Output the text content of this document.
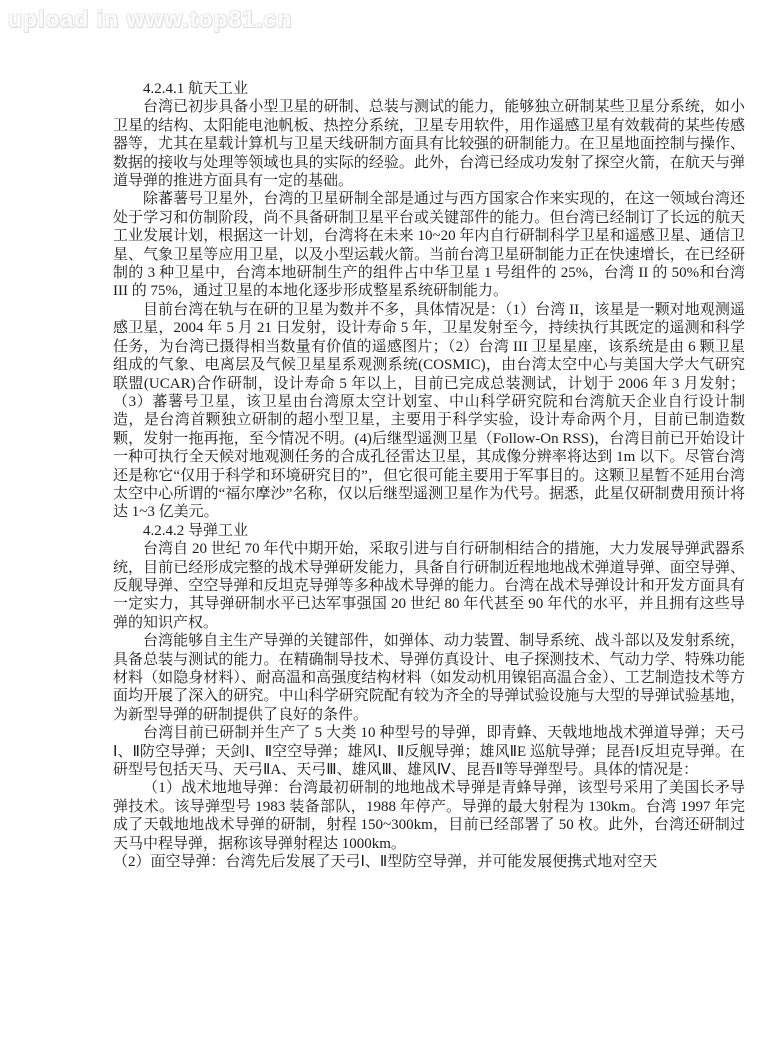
upload in www.top81.cn

4.2.4.1 航天工业

台湾已初步具备小型卫星的研制、总装与测试的能力，能够独立研制某些卫星分系统，如小卫星的结构、太阳能电池帆板、热控分系统，卫星专用软件，用作遥感卫星有效载荷的某些传感器等，尤其在星载计算机与卫星天线研制方面具有比较强的研制能力。在卫星地面控制与操作、数据的接收与处理等领域也具的实际的经验。此外，台湾已经成功发射了探空火箭，在航天与弹道导弹的推进方面具有一定的基础。

除蕃薯号卫星外，台湾的卫星研制全部是通过与西方国家合作来实现的，在这一领域台湾还处于学习和仿制阶段，尚不具备研制卫星平台或关键部件的能力。但台湾已经制订了长远的航天工业发展计划，根据这一计划，台湾将在未来 10~20 年内自行研制科学卫星和遥感卫星、通信卫星、气象卫星等应用卫星，以及小型运载火箭。当前台湾卫星研制能力正在快速增长，在已经研制的 3 种卫星中，台湾本地研制生产的组件占中华卫星 1 号组件的 25%，台湾 II 的 50%和台湾 III 的 75%，通过卫星的本地化逐步形成整星系统研制能力。

目前台湾在轨与在研的卫星为数并不多，具体情况是：（1）台湾 II，该星是一颗对地观测遥感卫星，2004 年 5 月 21 日发射，设计寿命 5 年，卫星发射至今，持续执行其既定的遥测和科学任务，为台湾已摄得相当数量有价值的遥感图片；（2）台湾 III 卫星星座，该系统是由 6 颗卫星组成的气象、电离层及气候卫星星系观测系统(COSMIC)，由台湾太空中心与美国大学大气研究联盟(UCAR)合作研制，设计寿命 5 年以上，目前已完成总装测试，计划于 2006 年 3 月发射；（3）蕃薯号卫星，该卫星由台湾原太空计划室、中山科学研究院和台湾航天企业自行设计制造，是台湾首颗独立研制的超小型卫星，主要用于科学实验，设计寿命两个月，目前已制造数颗，发射一拖再拖，至今情况不明。(4)后继型遥测卫星（Follow-On RSS)，台湾目前已开始设计一种可执行全天候对地观测任务的合成孔径雷达卫星，其成像分辨率将达到 1m 以下。尽管台湾还是称它“仅用于科学和环境研究目的”，但它很可能主要用于军事目的。这颗卫星暂不延用台湾太空中心所谓的“福尔摩沙”名称，仅以后继型遥测卫星作为代号。据悉，此星仅研制费用预计将达 1~3 亿美元。

4.2.4.2 导弹工业

台湾自 20 世纪 70 年代中期开始，采取引进与自行研制相结合的措施，大力发展导弹武器系统，目前已经形成完整的战术导弹研发能力，具备自行研制近程地地战术弹道导弹、面空导弹、反舰导弹、空空导弹和反坦克导弹等多种战术导弹的能力。台湾在战术导弹设计和开发方面具有一定实力，其导弹研制水平已达军事强国 20 世纪 80 年代甚至 90 年代的水平，并且拥有这些导弹的知识产权。

台湾能够自主生产导弹的关键部件，如弹体、动力装置、制导系统、战斗部以及发射系统，具备总装与测试的能力。在精确制导技术、导弹仿真设计、电子探测技术、气动力学、特殊功能材料（如隐身材料）、耐高温和高强度结构材料（如发动机用镍铝高温合金）、工艺制造技术等方面均开展了深入的研究。中山科学研究院配有较为齐全的导弹试验设施与大型的导弹试验基地，为新型导弹的研制提供了良好的条件。

台湾目前已研制并生产了 5 大类 10 种型号的导弹，即青蜂、天戟地地战术弹道导弹；天弓Ⅰ、Ⅱ防空导弹；天剑Ⅰ、Ⅱ空空导弹；雄风Ⅰ、Ⅱ反舰导弹；雄风ⅡE 巡航导弹；昆吾Ⅰ反坦克导弹。在研型号包括天马、天弓ⅡA、天弓Ⅲ、雄风Ⅲ、雄风Ⅳ、昆吾Ⅱ等导弹型号。具体的情况是：

（1）战术地地导弹：台湾最初研制的地地战术导弹是青蜂导弹，该型号采用了美国长矛导弹技术。该导弹型号 1983 装备部队，1988 年停产。导弹的最大射程为 130km。台湾 1997 年完成了天戟地地战术导弹的研制，射程 150~300km，目前已经部署了 50 枚。此外，台湾还研制过天马中程导弹，据称该导弹射程达 1000km。

（2）面空导弹：台湾先后发展了天弓Ⅰ、Ⅱ型防空导弹，并可能发展便携式地对空天
